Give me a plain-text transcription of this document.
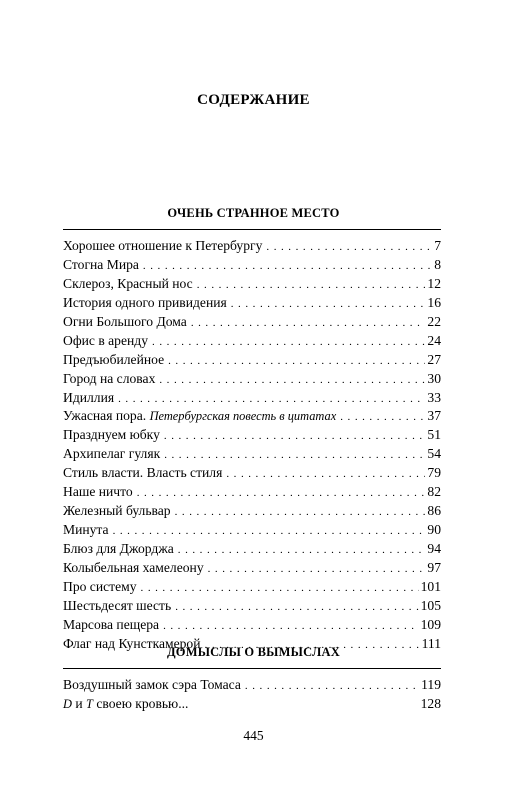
СОДЕРЖАНИЕ
ОЧЕНЬ СТРАННОЕ МЕСТО
Хорошее отношение к Петербургу . . .	7
Стогна Мира . . .	8
Склероз, Красный нос . . .	12
История одного привидения . . .	16
Огни Большого Дома . . .	22
Офис в аренду . . .	24
Предъюбилейное . . .	27
Город на словах . . .	30
Идиллия . . .	33
Ужасная пора. Петербургская повесть в цитатах . . .	37
Празднуем юбку . . .	51
Архипелаг гуляк . . .	54
Стиль власти. Власть стиля . . .	79
Наше ничто . . .	82
Железный бульвар . . .	86
Минута . . .	90
Блюз для Джорджа . . .	94
Колыбельная хамелеону . . .	97
Про систему . . .	101
Шестьдесят шесть . . .	105
Марсова пещера . . .	109
Флаг над Кунсткамерой . . .	111
ДОМЫСЛЫ О ВЫМЫСЛАХ
Воздушный замок сэра Томаса . . .	119
D и T своею кровью...	128
445
